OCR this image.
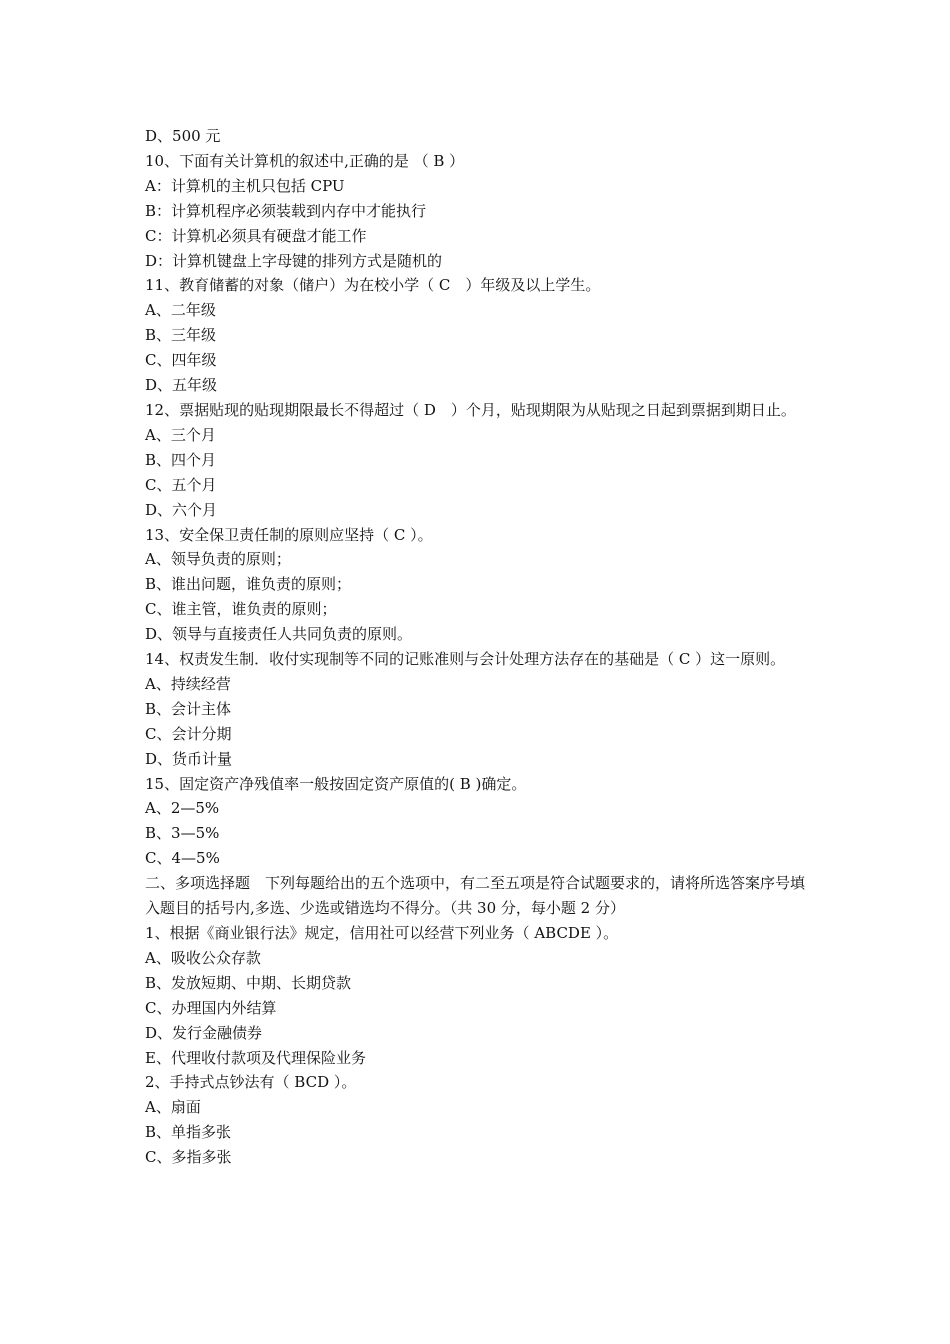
D、500 元

10、下面有关计算机的叙述中,正确的是 （ B ）

A：计算机的主机只包括 CPU

B：计算机程序必须装载到内存中才能执行

C：计算机必须具有硬盘才能工作

D：计算机键盘上字母键的排列方式是随机的

11、教育储蓄的对象（储户）为在校小学（ C　）年级及以上学生。

A、二年级

B、三年级

C、四年级

D、五年级

12、票据贴现的贴现期限最长不得超过（ D　）个月，贴现期限为从贴现之日起到票据到期日止。

A、三个月

B、四个月

C、五个月

D、六个月

13、安全保卫责任制的原则应坚持（ C ）。

A、领导负责的原则；

B、谁出问题，谁负责的原则；

C、谁主管，谁负责的原则；

D、领导与直接责任人共同负责的原则。

14、权责发生制．收付实现制等不同的记账准则与会计处理方法存在的基础是（ C ）这一原则。

A、持续经营

B、会计主体

C、会计分期

D、货币计量

15、固定资产净残值率一般按固定资产原值的( B )确定。

A、2—5%

B、3—5%

C、4—5%

二、多项选择题　下列每题给出的五个选项中，有二至五项是符合试题要求的，请将所选答案序号填入题目的括号内,多选、少选或错选均不得分。（共 30 分，每小题 2 分）

1、根据《商业银行法》规定，信用社可以经营下列业务（ ABCDE ）。

A、吸收公众存款

B、发放短期、中期、长期贷款

C、办理国内外结算

D、发行金融债券

E、代理收付款项及代理保险业务

2、手持式点钞法有（ BCD ）。

A、扇面

B、单指多张

C、多指多张
